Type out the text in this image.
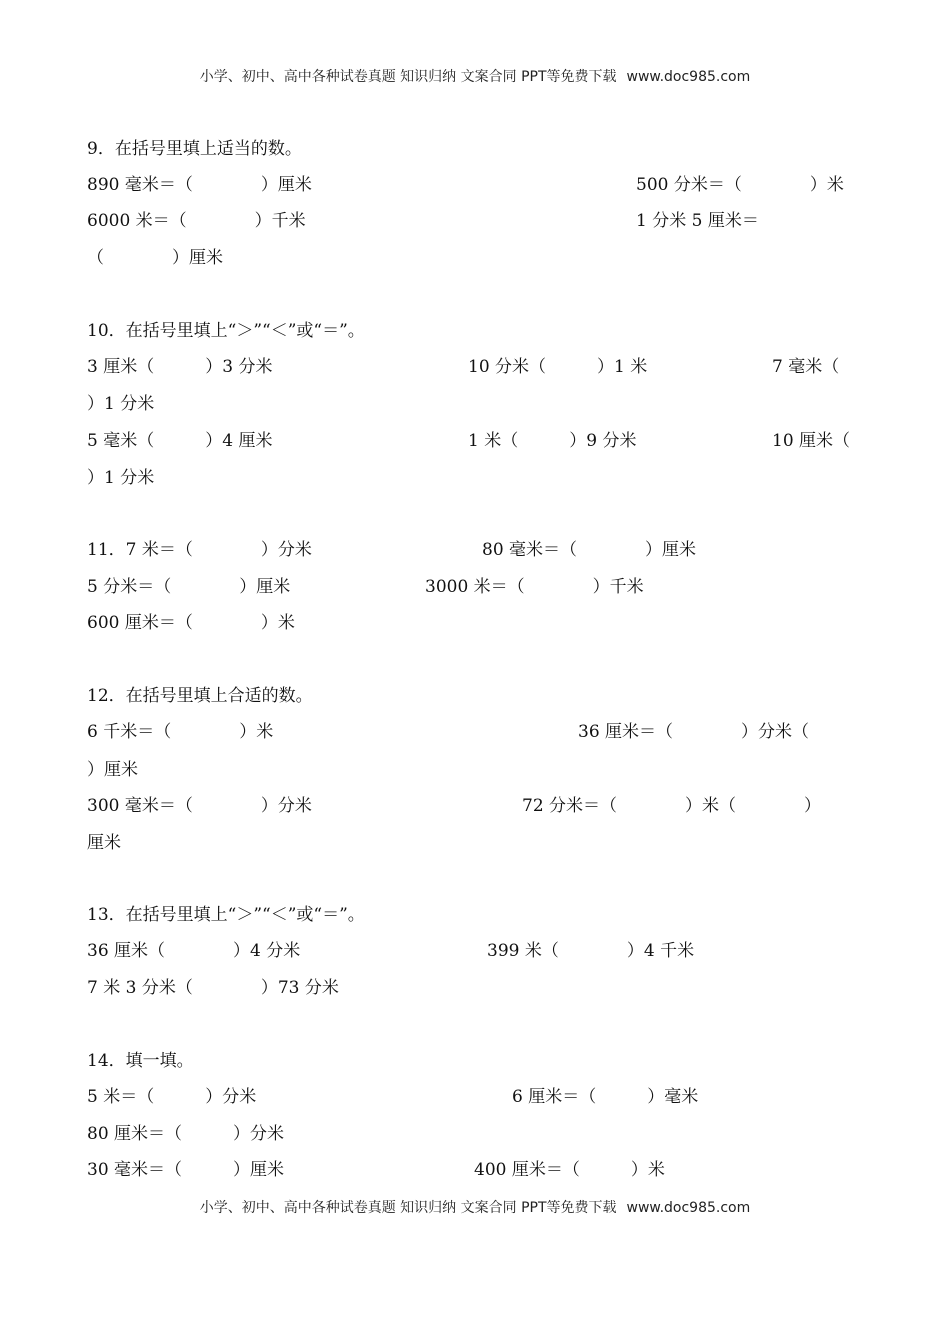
小学、初中、高中各种试卷真题 知识归纳 文案合同 PPT等免费下载 www.doc985.com
9．在括号里填上适当的数。
890 毫米＝（　　　　）厘米	500 分米＝（　　　　）米
6000 米＝（　　　　）千米	1 分米 5 厘米＝
（　　　　）厘米
10．在括号里填上“＞”“＜”或“＝”。
3 厘米（　　　）3 分米	10 分米（　　　）1 米	7 毫米（
）1 分米
5 毫米（　　　）4 厘米	1 米（　　　）9 分米	10 厘米（
）1 分米
11．7 米＝（　　　　）分米	80 毫米＝（　　　　）厘米
5 分米＝（　　　　）厘米	3000 米＝（　　　　）千米
600 厘米＝（　　　　）米
12．在括号里填上合适的数。
6 千米＝（　　　　）米	36 厘米＝（　　　　）分米（
）厘米
300 毫米＝（　　　　）分米	72 分米＝（　　　　）米（　　　　）
厘米
13．在括号里填上“＞”“＜”或“＝”。
36 厘米（　　　　）4 分米	399 米（　　　　）4 千米
7 米 3 分米（　　　　）73 分米
14．填一填。
5 米＝（　　　）分米	6 厘米＝（　　　）毫米
80 厘米＝（　　　）分米
30 毫米＝（　　　）厘米	400 厘米＝（　　　）米
小学、初中、高中各种试卷真题 知识归纳 文案合同 PPT等免费下载 www.doc985.com
